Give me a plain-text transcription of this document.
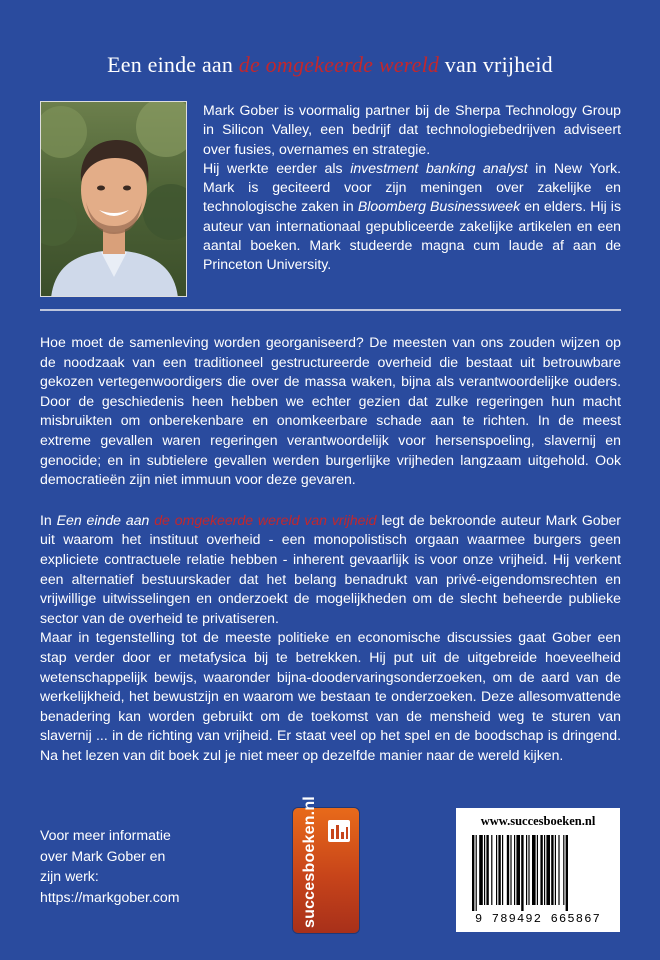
Een einde aan de omgekeerde wereld van vrijheid

Mark Gober is voormalig partner bij de Sherpa Technology Group in Silicon Valley, een bedrijf dat technologiebedrijven adviseert over fusies, overnames en strategie.

Hij werkte eerder als investment banking analyst in New York. Mark is geciteerd voor zijn meningen over zakelijke en technologische zaken in Bloomberg Businessweek en elders. Hij is auteur van internationaal gepubliceerde zakelijke artikelen en een aantal boeken. Mark studeerde magna cum laude af aan de Princeton University.

Hoe moet de samenleving worden georganiseerd? De meesten van ons zouden wijzen op de noodzaak van een traditioneel gestructureerde overheid die bestaat uit betrouwbare gekozen vertegenwoordigers die over de massa waken, bijna als verantwoordelijke ouders. Door de geschiedenis heen hebben we echter gezien dat zulke regeringen hun macht misbruikten om onberekenbare en onomkeerbare schade aan te richten. In de meest extreme gevallen waren regeringen verantwoordelijk voor hersenspoeling, slavernij en genocide; en in subtielere gevallen werden burgerlijke vrijheden langzaam uitgehold. Ook democratieën zijn niet immuun voor deze gevaren.

In Een einde aan de omgekeerde wereld van vrijheid legt de bekroonde auteur Mark Gober uit waarom het instituut overheid - een monopolistisch orgaan waarmee burgers geen expliciete contractuele relatie hebben - inherent gevaarlijk is voor onze vrijheid. Hij verkent een alternatief bestuurskader dat het belang benadrukt van privé-eigendomsrechten en vrijwillige uitwisselingen en onderzoekt de mogelijkheden om de slecht beheerde publieke sector van de overheid te privatiseren.

Maar in tegenstelling tot de meeste politieke en economische discussies gaat Gober een stap verder door er metafysica bij te betrekken. Hij put uit de uitgebreide hoeveelheid wetenschappelijk bewijs, waaronder bijna-doodervaringsonderzoeken, om de aard van de werkelijkheid, het bewustzijn en waarom we bestaan te onderzoeken. Deze allesomvattende benadering kan worden gebruikt om de toekomst van de mensheid weg te sturen van slavernij ... in de richting van vrijheid. Er staat veel op het spel en de boodschap is dringend. Na het lezen van dit boek zul je niet meer op dezelfde manier naar de wereld kijken.

Voor meer informatie

over Mark Gober en

zijn werk:

https://markgober.com	succesboeken.nl	www.succesboeken.nl
9 789492 665867
